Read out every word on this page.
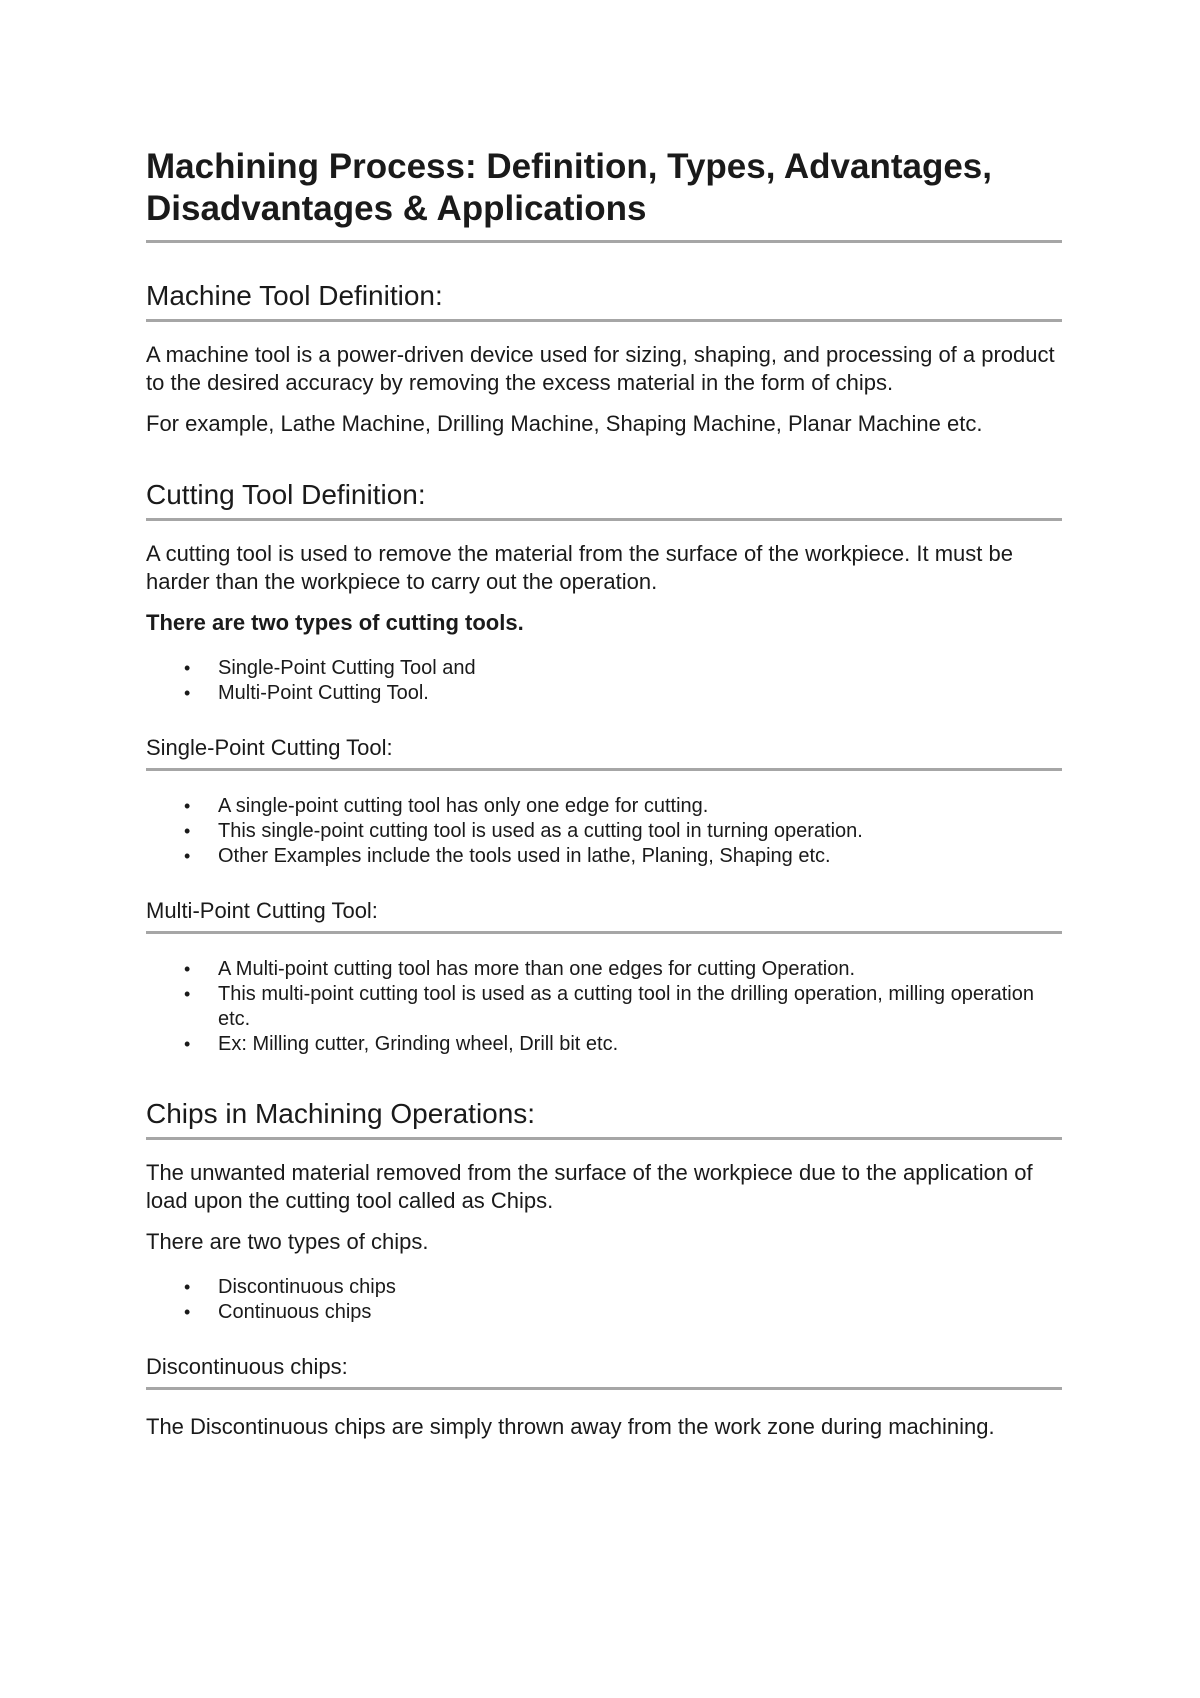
Machining Process: Definition, Types, Advantages, Disadvantages & Applications
Machine Tool Definition:

A machine tool is a power-driven device used for sizing, shaping, and processing of a product to the desired accuracy by removing the excess material in the form of chips.

For example, Lathe Machine, Drilling Machine, Shaping Machine, Planar Machine etc.

Cutting Tool Definition:

A cutting tool is used to remove the material from the surface of the workpiece. It must be harder than the workpiece to carry out the operation.

There are two types of cutting tools.

• Single-Point Cutting Tool and
• Multi-Point Cutting Tool.
Single-Point Cutting Tool:
• A single-point cutting tool has only one edge for cutting.
• This single-point cutting tool is used as a cutting tool in turning operation.
• Other Examples include the tools used in lathe, Planing, Shaping etc.
Multi-Point Cutting Tool:
• A Multi-point cutting tool has more than one edges for cutting Operation.
• This multi-point cutting tool is used as a cutting tool in the drilling operation, milling operation etc.
• Ex: Milling cutter, Grinding wheel, Drill bit etc.
Chips in Machining Operations:

The unwanted material removed from the surface of the workpiece due to the application of load upon the cutting tool called as Chips.

There are two types of chips.

• Discontinuous chips
• Continuous chips
Discontinuous chips:

The Discontinuous chips are simply thrown away from the work zone during machining.
